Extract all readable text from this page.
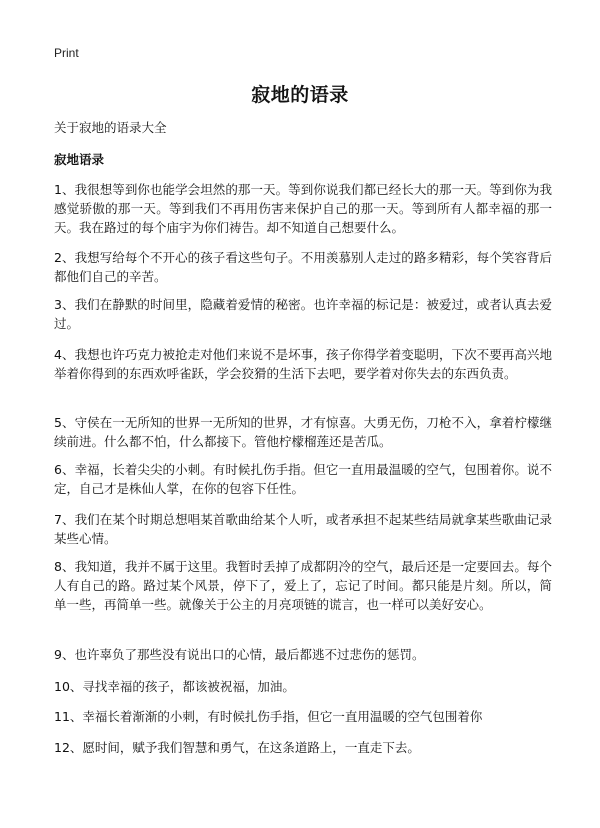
Print
寂地的语录
关于寂地的语录大全
寂地语录

1、我很想等到你也能学会坦然的那一天。等到你说我们都已经长大的那一天。等到你为我感觉骄傲的那一天。等到我们不再用伤害来保护自己的那一天。等到所有人都幸福的那一天。我在路过的每个庙宇为你们祷告。却不知道自己想要什么。

2、我想写给每个不开心的孩子看这些句子。不用羡慕别人走过的路多精彩，每个笑容背后都他们自己的辛苦。

3、我们在静默的时间里，隐藏着爱情的秘密。也许幸福的标记是：被爱过，或者认真去爱过。

4、我想也许巧克力被抢走对他们来说不是坏事，孩子你得学着变聪明，下次不要再高兴地举着你得到的东西欢呼雀跃，学会狡猾的生活下去吧，要学着对你失去的东西负责。

5、守侯在一无所知的世界一无所知的世界，才有惊喜。大勇无伤，刀枪不入，拿着柠檬继续前进。什么都不怕，什么都接下。管他柠檬榴莲还是苦瓜。

6、幸福，长着尖尖的小刺。有时候扎伤手指。但它一直用最温暖的空气，包围着你。说不定，自己才是株仙人掌，在你的包容下任性。

7、我们在某个时期总想唱某首歌曲给某个人听，或者承担不起某些结局就拿某些歌曲记录某些心情。

8、我知道，我并不属于这里。我暂时丢掉了成都阴冷的空气，最后还是一定要回去。每个人有自己的路。路过某个风景，停下了，爱上了，忘记了时间。都只能是片刻。所以，简单一些，再简单一些。就像关于公主的月亮项链的谎言，也一样可以美好安心。

9、也许辜负了那些没有说出口的心情，最后都逃不过悲伤的惩罚。

10、寻找幸福的孩子，都该被祝福，加油。

11、幸福长着渐渐的小刺，有时候扎伤手指，但它一直用温暖的空气包围着你

12、愿时间，赋予我们智慧和勇气，在这条道路上，一直走下去。
